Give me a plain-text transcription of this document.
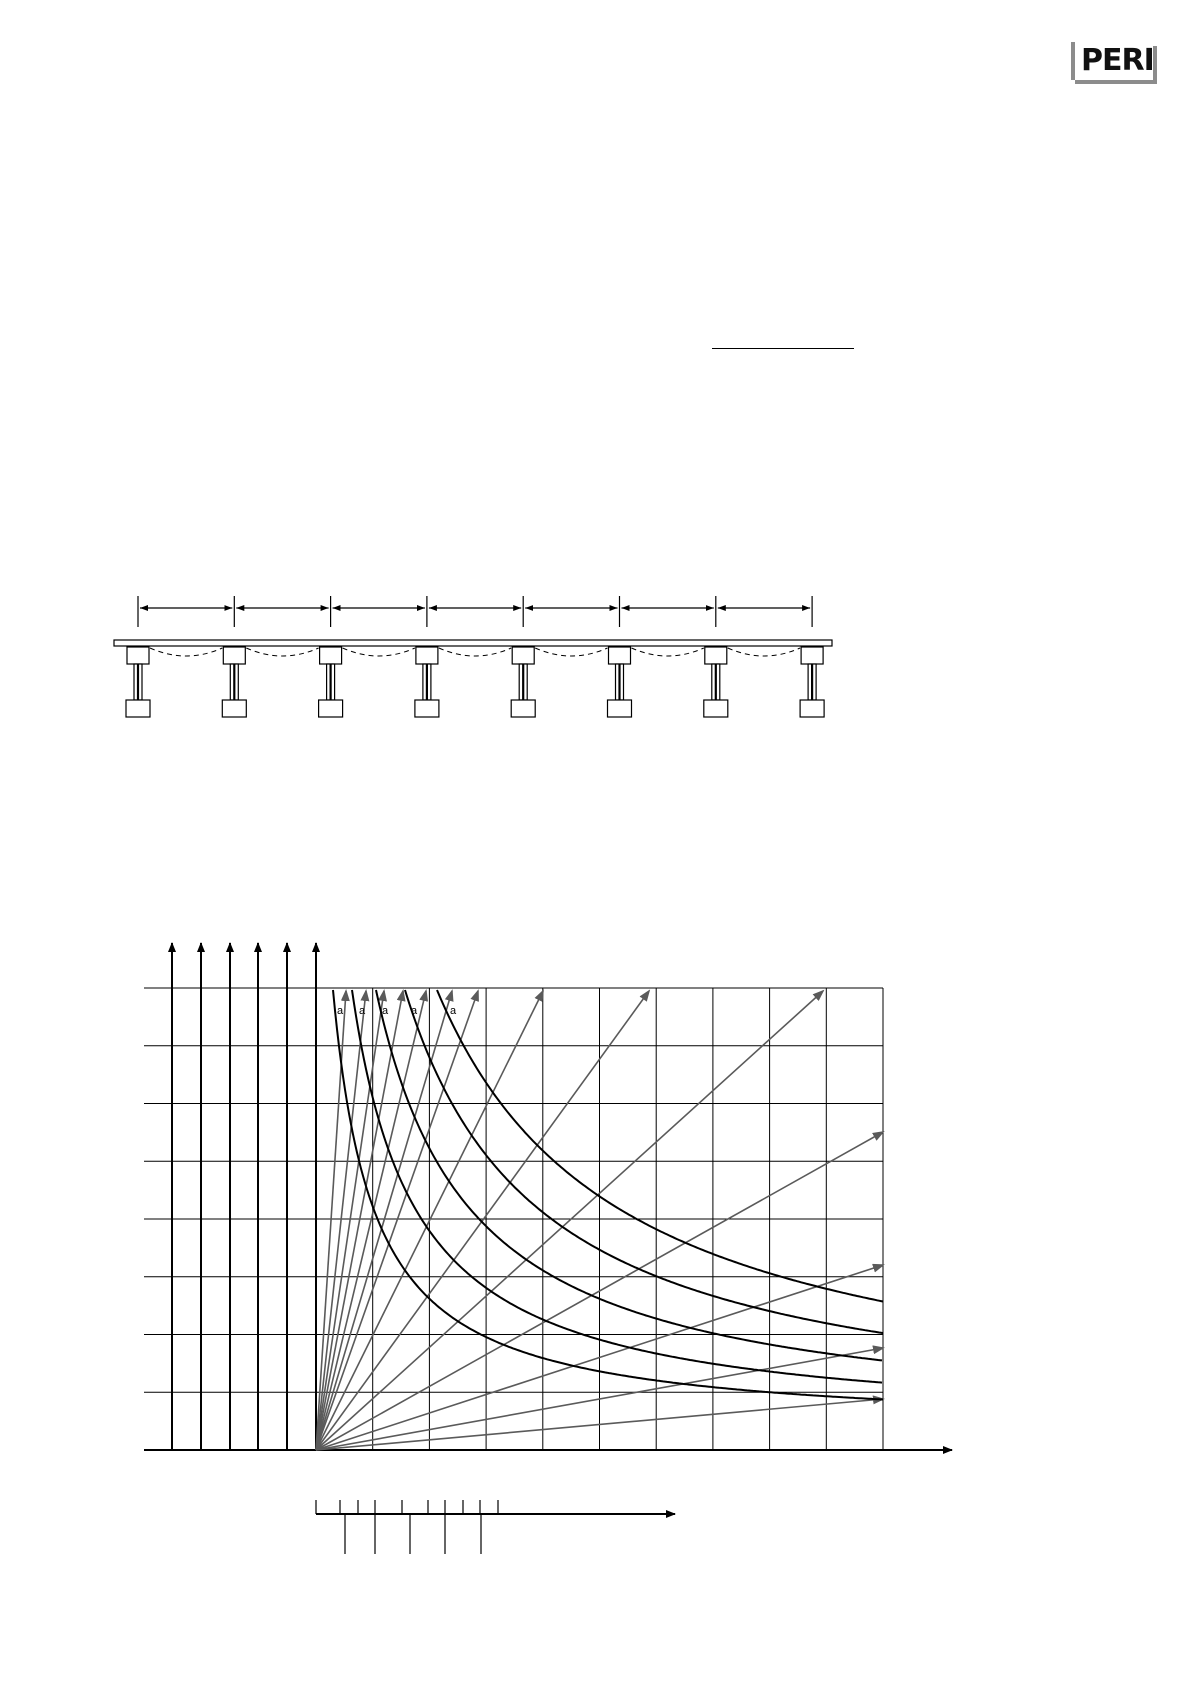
PERI
a a a a	a
